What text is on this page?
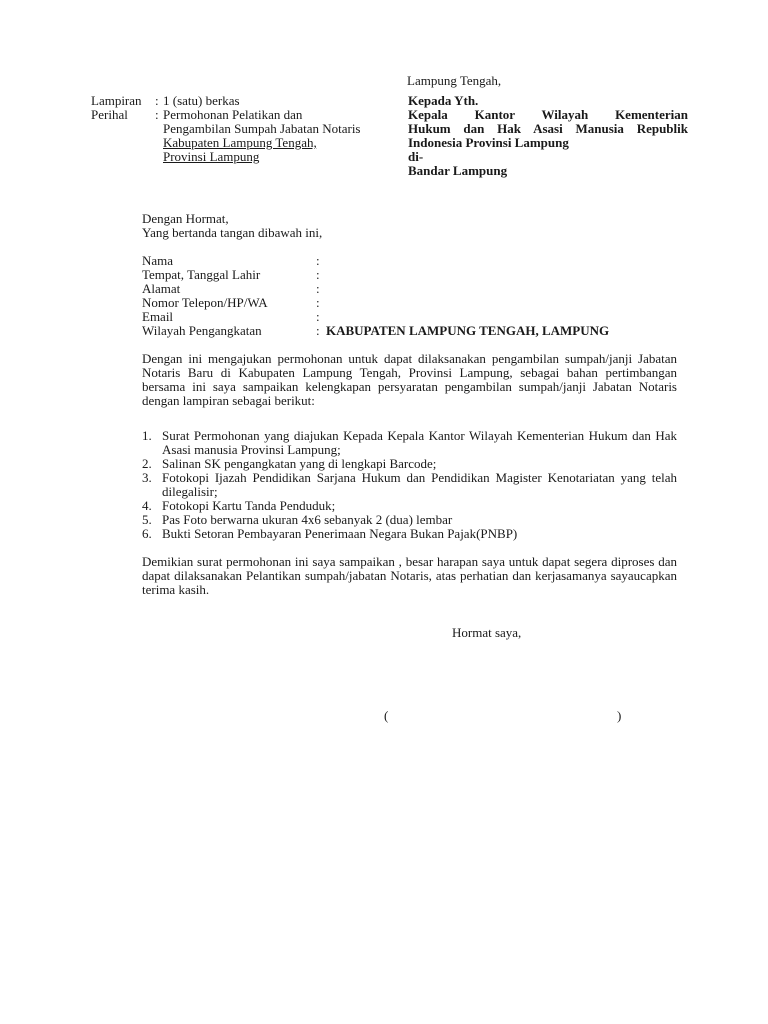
Lampung Tengah,
Lampiran : 1 (satu) berkas
Perihal : Permohonan Pelatikan dan
Pengambilan Sumpah Jabatan Notaris
Kabupaten Lampung Tengah,
Provinsi Lampung
Kepada Yth.
Kepala Kantor Wilayah Kementerian
Hukum dan Hak Asasi Manusia Republik
Indonesia Provinsi Lampung
di-
Bandar Lampung
Dengan Hormat,
Yang bertanda tangan dibawah ini,
Nama	:
Tempat, Tanggal Lahir	:
Alamat	:
Nomor Telepon/HP/WA	:
Email	:
Wilayah Pengangkatan	: KABUPATEN LAMPUNG TENGAH, LAMPUNG
Dengan ini mengajukan permohonan untuk dapat dilaksanakan pengambilan sumpah/janji Jabatan Notaris Baru di Kabupaten Lampung Tengah, Provinsi Lampung, sebagai bahan pertimbangan bersama ini saya sampaikan kelengkapan persyaratan pengambilan sumpah/janji Jabatan Notaris dengan lampiran sebagai berikut:
1. Surat Permohonan yang diajukan Kepada Kepala Kantor Wilayah Kementerian Hukum dan Hak Asasi manusia Provinsi Lampung;
2. Salinan SK pengangkatan yang di lengkapi Barcode;
3. Fotokopi Ijazah Pendidikan Sarjana Hukum dan Pendidikan Magister Kenotariatan yang telah dilegalisir;
4. Fotokopi Kartu Tanda Penduduk;
5. Pas Foto berwarna ukuran 4x6 sebanyak 2 (dua) lembar
6. Bukti Setoran Pembayaran Penerimaan Negara Bukan Pajak(PNBP)
Demikian surat permohonan ini saya sampaikan , besar harapan saya untuk dapat segera diproses dan dapat dilaksanakan Pelantikan sumpah/jabatan Notaris, atas perhatian dan kerjasamanya sayaucapkan terima kasih.
Hormat saya,
(	)
